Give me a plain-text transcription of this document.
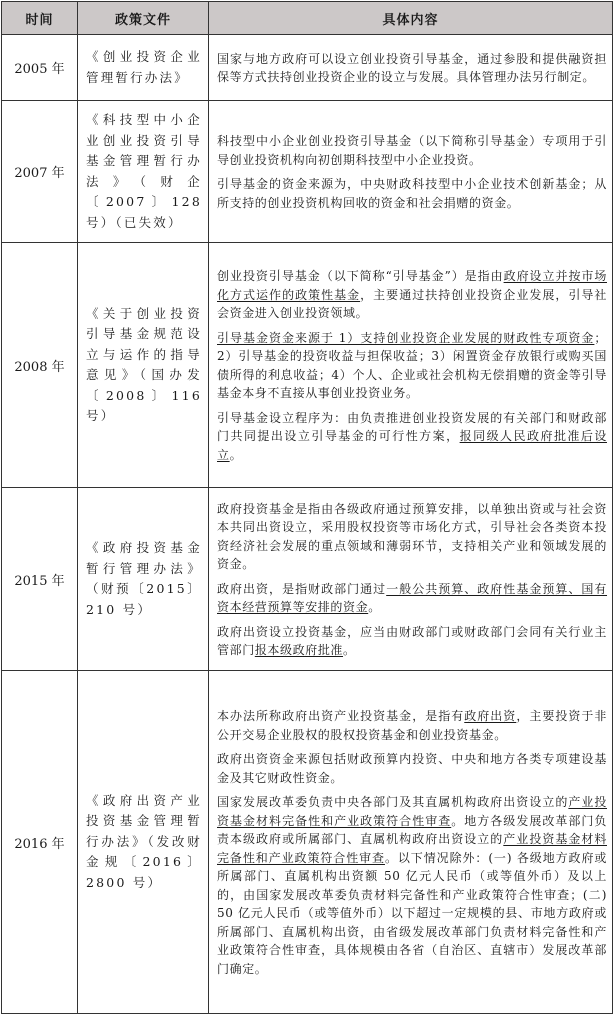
时间	政策文件	具体内容
2005 年	《创业投资企业管理暂行办法》	国家与地方政府可以设立创业投资引导基金，通过参股和提供融资担保等方式扶持创业投资企业的设立与发展。具体管理办法另行制定。

2007 年	《科技型中小企业创业投资引导基金管理暂行办法》（财企〔2007〕128 号）（已失效）	科技型中小企业创业投资引导基金（以下简称引导基金）专项用于引导创业投资机构向初创期科技型中小企业投资。

引导基金的资金来源为，中央财政科技型中小企业技术创新基金；从所支持的创业投资机构回收的资金和社会捐赠的资金。

2008 年	《关于创业投资引导基金规范设立与运作的指导意见》（国办发〔2008〕116 号）	创业投资引导基金（以下简称“引导基金”）是指由政府设立并按市场化方式运作的政策性基金，主要通过扶持创业投资企业发展，引导社会资金进入创业投资领域。

引导基金资金来源于 1）支持创业投资企业发展的财政性专项资金；2）引导基金的投资收益与担保收益；3）闲置资金存放银行或购买国债所得的利息收益；4）个人、企业或社会机构无偿捐赠的资金等引导基金本身不直接从事创业投资业务。

引导基金设立程序为：由负责推进创业投资发展的有关部门和财政部门共同提出设立引导基金的可行性方案，报同级人民政府批准后设立。

2015 年	《政府投资基金暂行管理办法》（财预〔2015〕210 号）	政府投资基金是指由各级政府通过预算安排，以单独出资或与社会资本共同出资设立，采用股权投资等市场化方式，引导社会各类资本投资经济社会发展的重点领域和薄弱环节，支持相关产业和领域发展的资金。

政府出资，是指财政部门通过一般公共预算、政府性基金预算、国有资本经营预算等安排的资金。

政府出资设立投资基金，应当由财政部门或财政部门会同有关行业主管部门报本级政府批准。

2016 年	《政府出资产业投资基金管理暂行办法》（发改财金规〔2016〕2800 号）	本办法所称政府出资产业投资基金，是指有政府出资，主要投资于非公开交易企业股权的股权投资基金和创业投资基金。

政府出资资金来源包括财政预算内投资、中央和地方各类专项建设基金及其它财政性资金。

国家发展改革委负责中央各部门及其直属机构政府出资设立的产业投资基金材料完备性和产业政策符合性审查。地方各级发展改革部门负责本级政府或所属部门、直属机构政府出资设立的产业投资基金材料完备性和产业政策符合性审查。以下情况除外：(一) 各级地方政府或所属部门、直属机构出资额 50 亿元人民币（或等值外币）及以上的，由国家发展改革委负责材料完备性和产业政策符合性审查；(二) 50 亿元人民币（或等值外币）以下超过一定规模的县、市地方政府或所属部门、直属机构出资，由省级发展改革部门负责材料完备性和产业政策符合性审查，具体规模由各省（自治区、直辖市）发展改革部门确定。
